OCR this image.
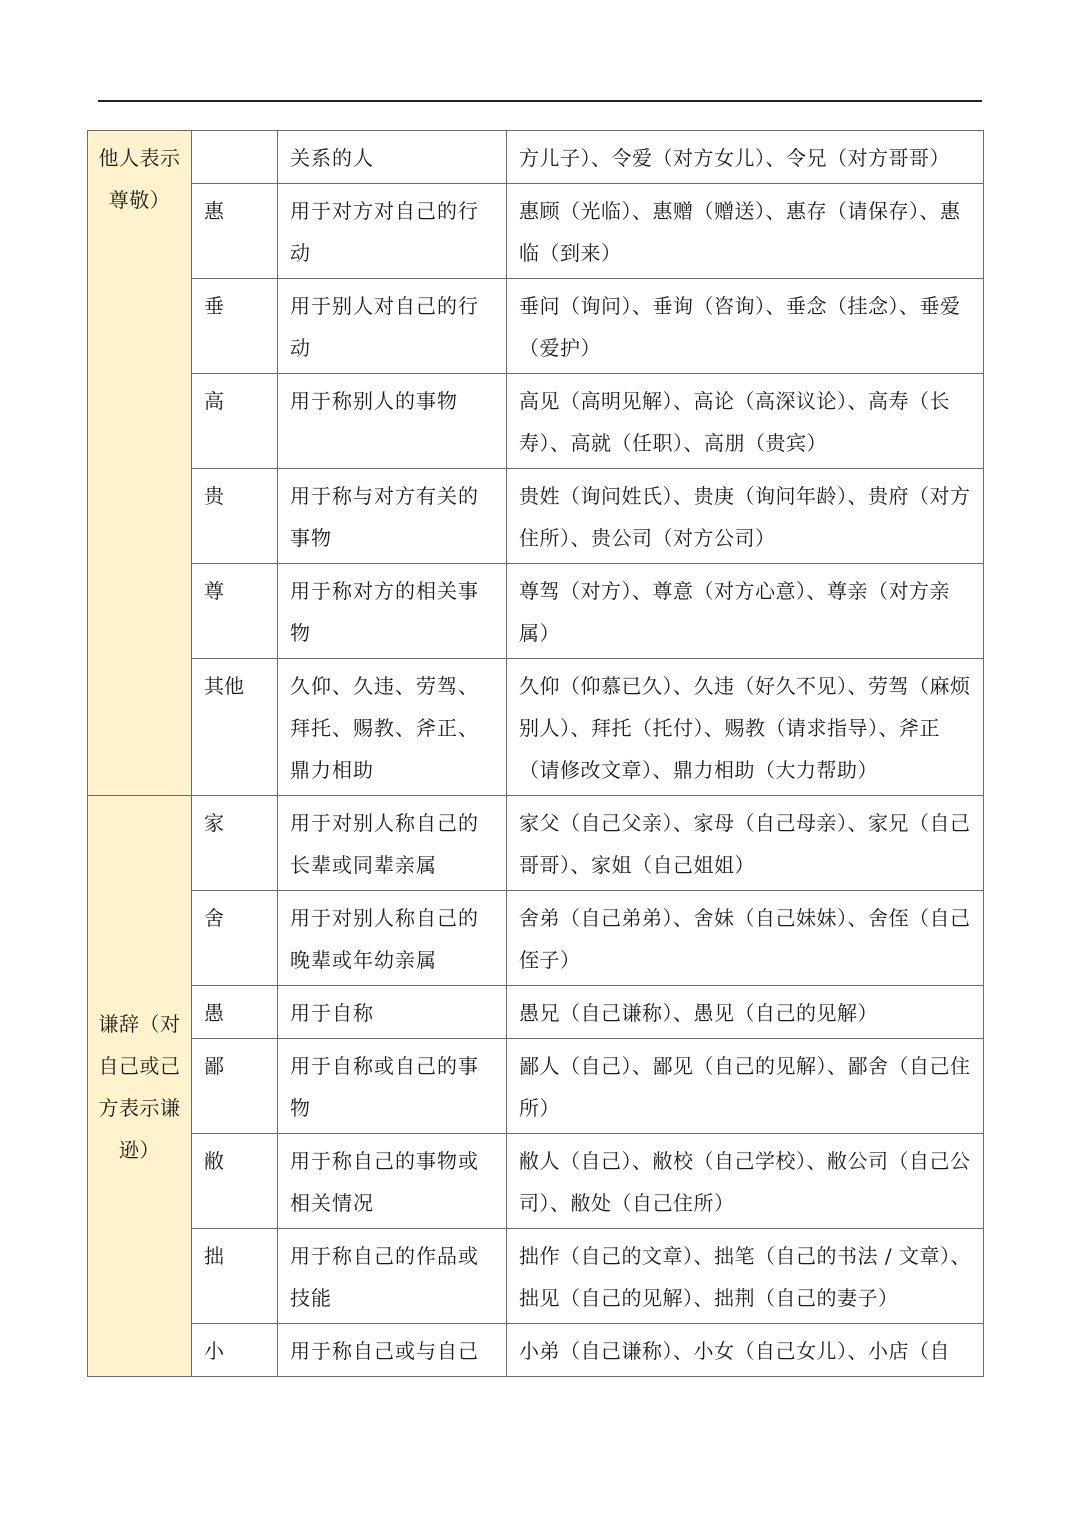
他人表示尊敬）		关系的人	方儿子）、令爱（对方女儿）、令兄（对方哥哥）
	惠	用于对方对自己的行动	惠顾（光临）、惠赠（赠送）、惠存（请保存）、惠临（到来）
	垂	用于别人对自己的行动	垂问（询问）、垂询（咨询）、垂念（挂念）、垂爱（爱护）
	高	用于称别人的事物	高见（高明见解）、高论（高深议论）、高寿（长寿）、高就（任职）、高朋（贵宾）
	贵	用于称与对方有关的事物	贵姓（询问姓氏）、贵庚（询问年龄）、贵府（对方住所）、贵公司（对方公司）
	尊	用于称对方的相关事物	尊驾（对方）、尊意（对方心意）、尊亲（对方亲属）
	其他	久仰、久违、劳驾、拜托、赐教、斧正、鼎力相助	久仰（仰慕已久）、久违（好久不见）、劳驾（麻烦别人）、拜托（托付）、赐教（请求指导）、斧正（请修改文章）、鼎力相助（大力帮助）
谦辞（对自己或己方表示谦逊）	家	用于对别人称自己的长辈或同辈亲属	家父（自己父亲）、家母（自己母亲）、家兄（自己哥哥）、家姐（自己姐姐）
	舍	用于对别人称自己的晚辈或年幼亲属	舍弟（自己弟弟）、舍妹（自己妹妹）、舍侄（自己侄子）
	愚	用于自称	愚兄（自己谦称）、愚见（自己的见解）
	鄙	用于自称或自己的事物	鄙人（自己）、鄙见（自己的见解）、鄙舍（自己住所）
	敝	用于称自己的事物或相关情况	敝人（自己）、敝校（自己学校）、敝公司（自己公司）、敝处（自己住所）
	拙	用于称自己的作品或技能	拙作（自己的文章）、拙笔（自己的书法 / 文章）、拙见（自己的见解）、拙荆（自己的妻子）
	小	用于称自己或与自己	小弟（自己谦称）、小女（自己女儿）、小店（自
